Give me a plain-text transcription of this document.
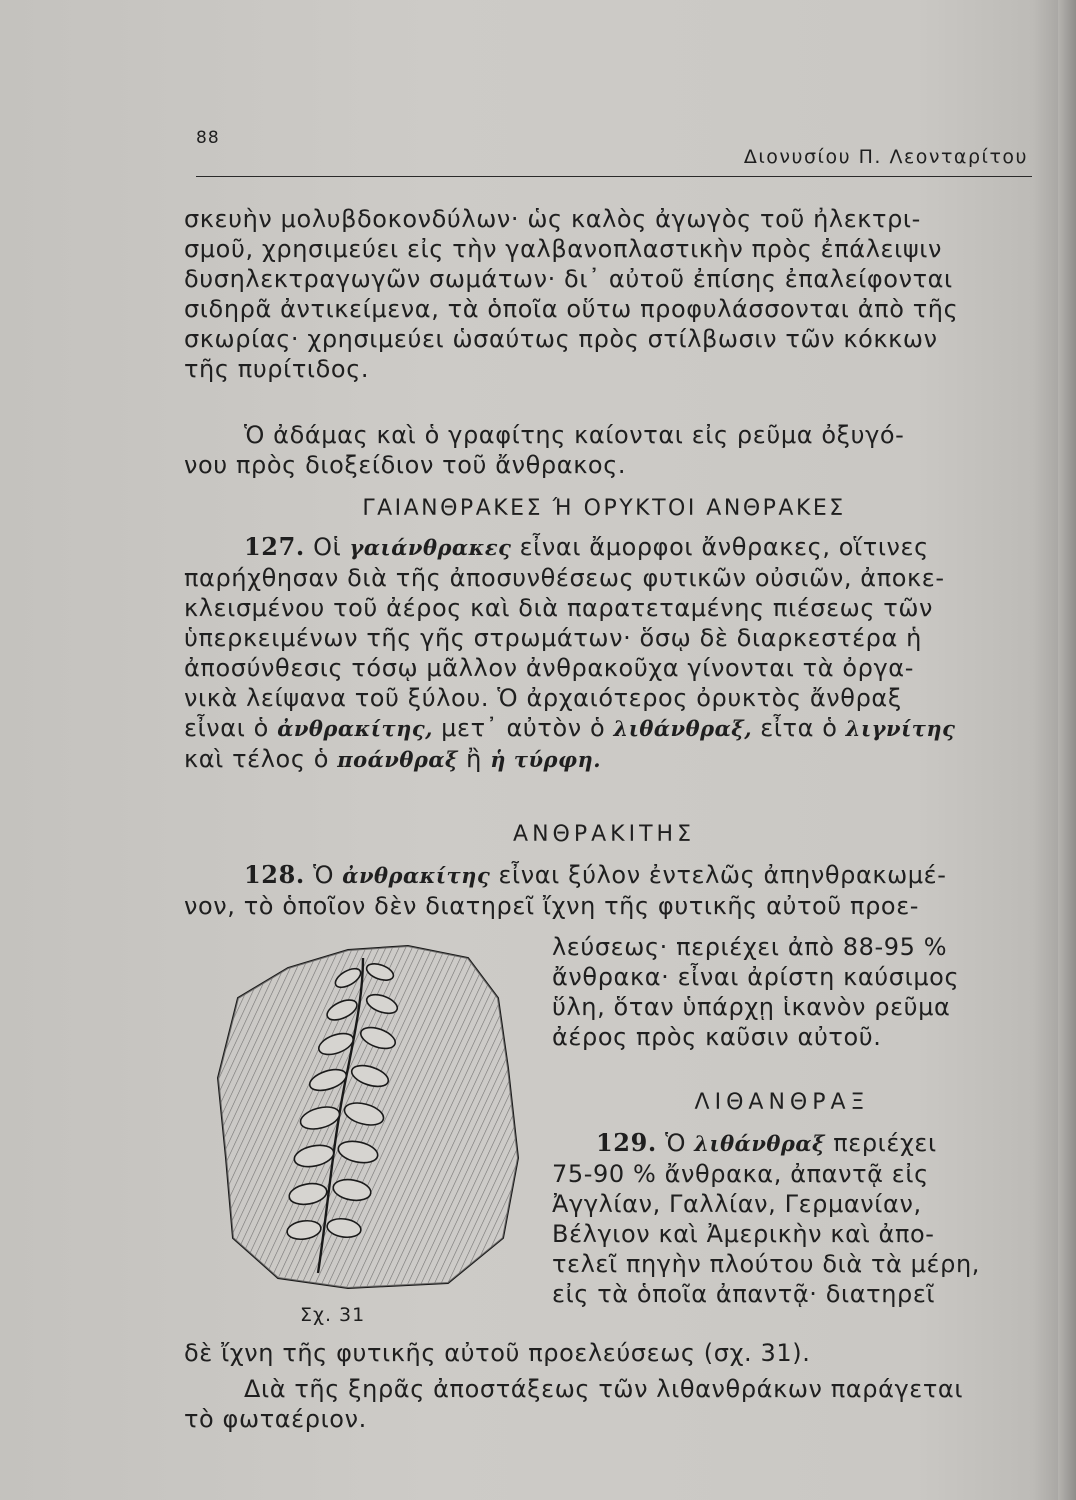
88
Διονυσίου Π. Λεονταρίτου

σκευὴν μολυβδοκονδύλων· ὡς καλὸς ἀγωγὸς τοῦ ἠλεκτρι-

σμοῦ, χρησιμεύει εἰς τὴν γαλβανοπλαστικὴν πρὸς ἐπάλειψιν

δυσηλεκτραγωγῶν σωμάτων· δι᾽ αὐτοῦ ἐπίσης ἐπαλείφονται

σιδηρᾶ ἀντικείμενα, τὰ ὁποῖα οὕτω προφυλάσσονται ἀπὸ τῆς

σκωρίας· χρησιμεύει ὡσαύτως πρὸς στίλβωσιν τῶν κόκκων

τῆς πυρίτιδος.

Ὁ ἀδάμας καὶ ὁ γραφίτης καίονται εἰς ρεῦμα ὀξυγό-

νου πρὸς διοξείδιον τοῦ ἄνθρακος.

ΓΑΙΑΝΘΡΑΚΕΣ Ή ΟΡΥΚΤΟΙ ΑΝΘΡΑΚΕΣ

127. Οἱ γαιάνθρακες εἶναι ἄμορφοι ἄνθρακες, οἵτινες

παρήχθησαν διὰ τῆς ἀποσυνθέσεως φυτικῶν οὐσιῶν, ἀποκε-

κλεισμένου τοῦ ἀέρος καὶ διὰ παρατεταμένης πιέσεως τῶν

ὑπερκειμένων τῆς γῆς στρωμάτων· ὅσῳ δὲ διαρκεστέρα ἡ

ἀποσύνθεσις τόσῳ μᾶλλον ἀνθρακοῦχα γίνονται τὰ ὀργα-

νικὰ λείψανα τοῦ ξύλου. Ὁ ἀρχαιότερος ὀρυκτὸς ἄνθραξ

εἶναι ὁ ἀνθρακίτης, μετ᾽ αὐτὸν ὁ λιθάνθραξ, εἶτα ὁ λιγνίτης

καὶ τέλος ὁ ποάνθραξ ἢ ἡ τύρφη.

ΑΝΘΡΑΚΙΤΗΣ

128. Ὁ ἀνθρακίτης εἶναι ξύλον ἐντελῶς ἀπηνθρακωμέ-

νον, τὸ ὁποῖον δὲν διατηρεῖ ἴχνη τῆς φυτικῆς αὐτοῦ προε-

λεύσεως· περιέχει ἀπὸ 88-95 %

ἄνθρακα· εἶναι ἀρίστη καύσιμος

ὕλη, ὅταν ὑπάρχῃ ἱκανὸν ρεῦμα

ἀέρος πρὸς καῦσιν αὐτοῦ.

ΛΙΘΑΝΘΡΑΞ

129. Ὁ λιθάνθραξ περιέχει

75-90 % ἄνθρακα, ἀπαντᾷ εἰς

Ἀγγλίαν, Γαλλίαν, Γερμανίαν,

Βέλγιον καὶ Ἀμερικὴν καὶ ἀπο-

τελεῖ πηγὴν πλούτου διὰ τὰ μέρη,

εἰς τὰ ὁποῖα ἀπαντᾷ· διατηρεῖ

δὲ ἴχνη τῆς φυτικῆς αὐτοῦ προελεύσεως (σχ. 31).

Διὰ τῆς ξηρᾶς ἀποστάξεως τῶν λιθανθράκων παράγεται

τὸ φωταέριον.

Σχ. 31
